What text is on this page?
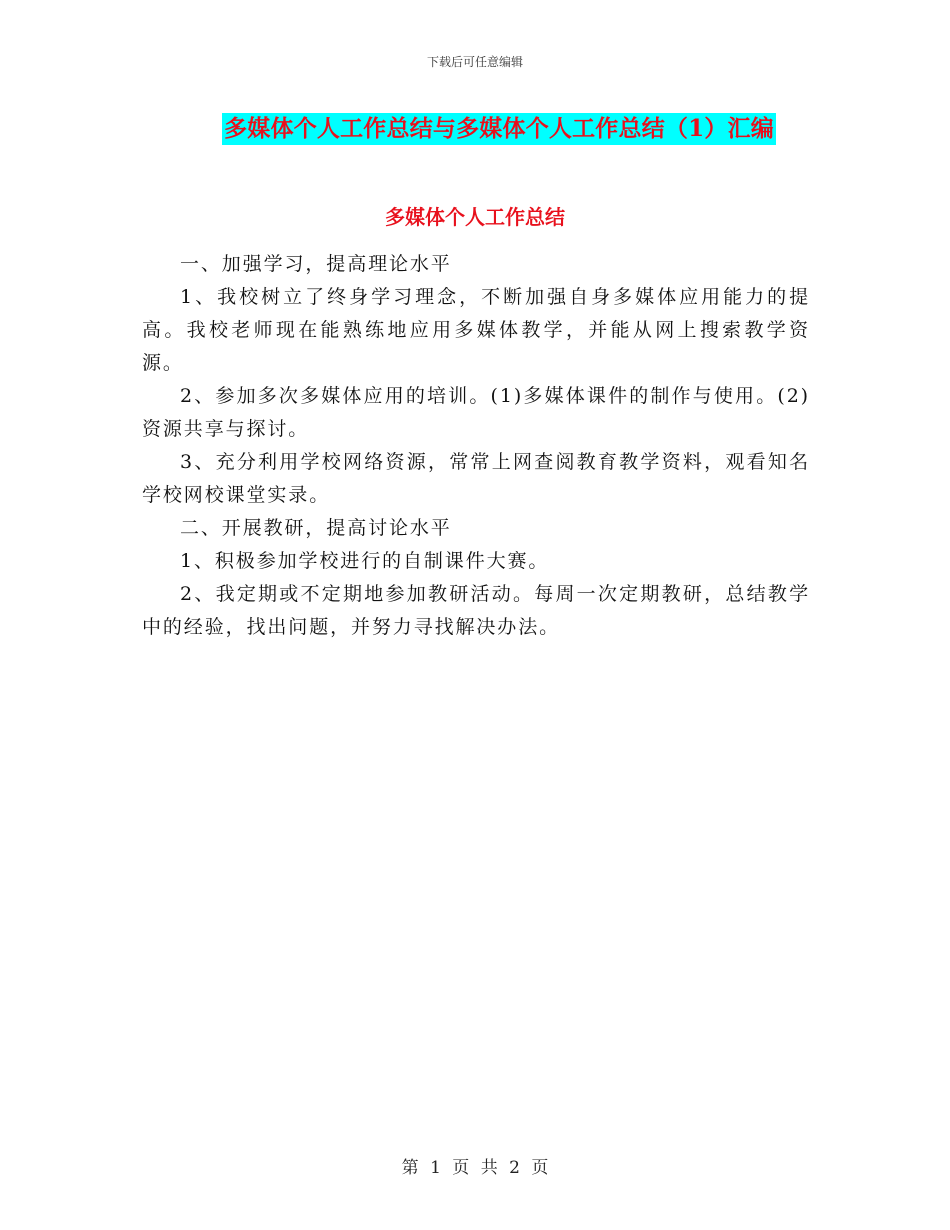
下载后可任意编辑
多媒体个人工作总结与多媒体个人工作总结（1）汇编
多媒体个人工作总结

一、加强学习，提高理论水平

1、我校树立了终身学习理念，不断加强自身多媒体应用能力的提高。我校老师现在能熟练地应用多媒体教学，并能从网上搜索教学资源。

2、参加多次多媒体应用的培训。(1)多媒体课件的制作与使用。(2)资源共享与探讨。

3、充分利用学校网络资源，常常上网查阅教育教学资料，观看知名学校网校课堂实录。

二、开展教研，提高讨论水平

1、积极参加学校进行的自制课件大赛。

2、我定期或不定期地参加教研活动。每周一次定期教研，总结教学中的经验，找出问题，并努力寻找解决办法。

第 1 页 共 2 页
